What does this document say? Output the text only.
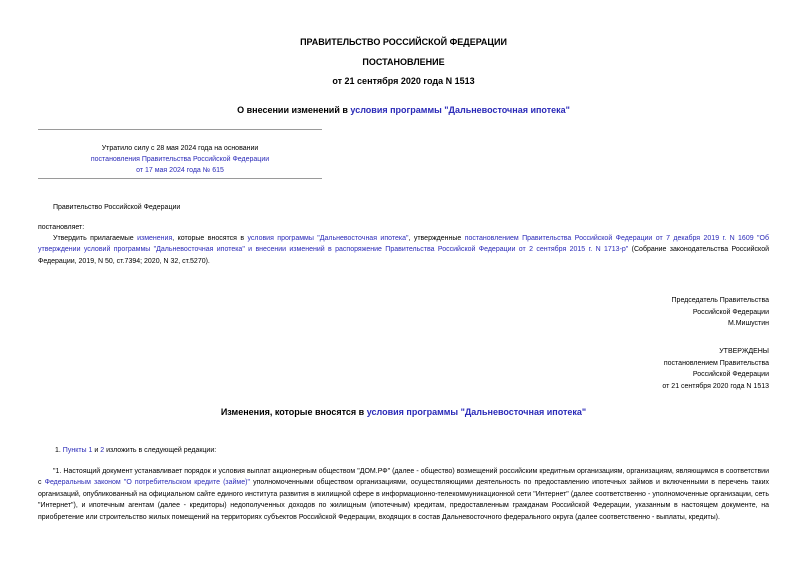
ПРАВИТЕЛЬСТВО РОССИЙСКОЙ ФЕДЕРАЦИИ
ПОСТАНОВЛЕНИЕ
от 21 сентября 2020 года N 1513
О внесении изменений в условия программы "Дальневосточная ипотека"
Утратило силу с 28 мая 2024 года на основании
постановления Правительства Российской Федерации
от 17 мая 2024 года № 615
Правительство Российской Федерации
постановляет:
Утвердить прилагаемые изменения, которые вносятся в условия программы "Дальневосточная ипотека", утвержденные постановлением Правительства Российской Федерации от 7 декабря 2019 г. N 1609 "Об утверждении условий программы "Дальневосточная ипотека" и внесении изменений в распоряжение Правительства Российской Федерации от 2 сентября 2015 г. N 1713-р" (Собрание законодательства Российской Федерации, 2019, N 50, ст.7394; 2020, N 32, ст.5270).
Председатель Правительства
Российской Федерации
М.Мишустин
УТВЕРЖДЕНЫ
постановлением Правительства
Российской Федерации
от 21 сентября 2020 года N 1513
Изменения, которые вносятся в условия программы "Дальневосточная ипотека"
1. Пункты 1 и 2 изложить в следующей редакции:
"1. Настоящий документ устанавливает порядок и условия выплат акционерным обществом "ДОМ.РФ" (далее - общество) возмещений российским кредитным организациям, организациям, являющимся в соответствии с Федеральным законом "О потребительском кредите (займе)" уполномоченными обществом организациями, осуществляющими деятельность по предоставлению ипотечных займов и включенными в перечень таких организаций, опубликованный на официальном сайте единого института развития в жилищной сфере в информационно-телекоммуникационной сети "Интернет" (далее соответственно - уполномоченные организации, сеть "Интернет"), и ипотечным агентам (далее - кредиторы) недополученных доходов по жилищным (ипотечным) кредитам, предоставленным гражданам Российской Федерации, указанным в настоящем документе, на приобретение или строительство жилых помещений на территориях субъектов Российской Федерации, входящих в состав Дальневосточного федерального округа (далее соответственно - выплаты, кредиты).
